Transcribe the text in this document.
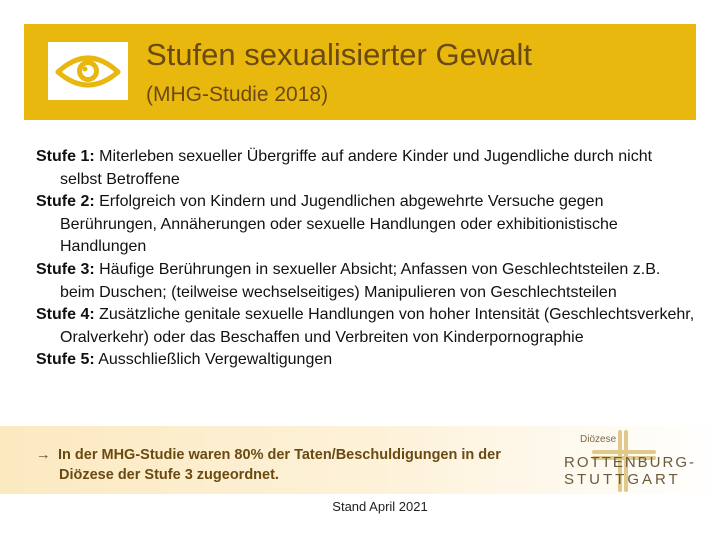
Stufen sexualisierter Gewalt
(MHG-Studie 2018)
Stufe 1: Miterleben sexueller Übergriffe auf andere Kinder und Jugendliche durch nicht selbst Betroffene
Stufe 2: Erfolgreich von Kindern und Jugendlichen abgewehrte Versuche gegen Berührungen, Annäherungen oder sexuelle Handlungen oder exhibitionistische Handlungen
Stufe 3: Häufige Berührungen in sexueller Absicht; Anfassen von Geschlechtsteilen z.B. beim Duschen; (teilweise wechselseitiges) Manipulieren von Geschlechtsteilen
Stufe 4: Zusätzliche genitale sexuelle Handlungen von hoher Intensität (Geschlechtsverkehr, Oralverkehr) oder das Beschaffen und Verbreiten von Kinderpornographie
Stufe 5: Ausschließlich Vergewaltigungen
→ In der MHG-Studie waren 80% der Taten/Beschuldigungen in der
Diözese der Stufe 3 zugeordnet.
Diözese
ROTTENBURG-
STUTTGART
Stand April 2021
